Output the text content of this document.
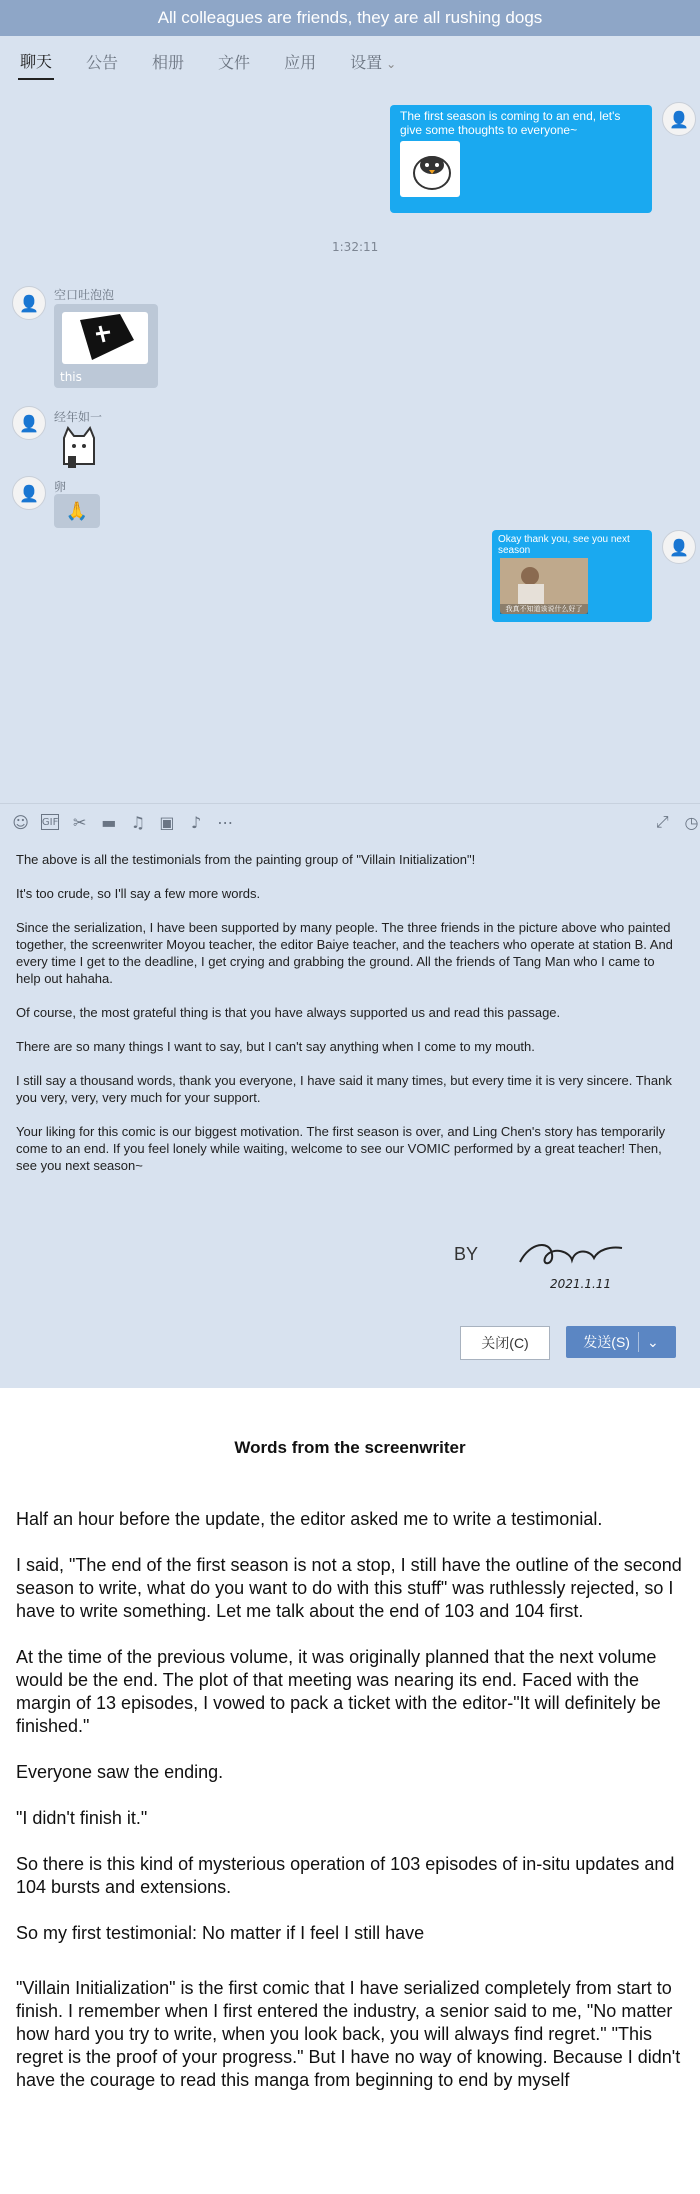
All colleagues are friends, they are all rushing dogs
聊天 公告 相册 文件 应用 设置 ⌄
The first season is coming to an end, let's give some thoughts to everyone~
👤
1:32:11
👤 空口吐泡泡
this
👤 经年如一
👤 卵
🙏
Okay thank you, see you next season
我真不知道该说什么好了
👤
☺ GIF ✂ ▬ ♫ ▣ ♪ ⋯	⤢ ◷

The above is all the testimonials from the painting group of "Villain Initialization"!

It's too crude, so I'll say a few more words.

Since the serialization, I have been supported by many people. The three friends in the picture above who painted together, the screenwriter Moyou teacher, the editor Baiye teacher, and the teachers who operate at station B. And every time I get to the deadline, I get crying and grabbing the ground. All the friends of Tang Man who I came to help out hahaha.

Of course, the most grateful thing is that you have always supported us and read this passage.

There are so many things I want to say, but I can't say anything when I come to my mouth.

I still say a thousand words, thank you everyone, I have said it many times, but every time it is very sincere. Thank you very, very, very much for your support.

Your liking for this comic is our biggest motivation. The first season is over, and Ling Chen's story has temporarily come to an end. If you feel lonely while waiting, welcome to see our VOMIC performed by a great teacher! Then, see you next season~

BY
2021.1.11
关闭(C)	发送(S) ⌄
Words from the screenwriter

Half an hour before the update, the editor asked me to write a testimonial.

I said, "The end of the first season is not a stop, I still have the outline of the second season to write, what do you want to do with this stuff" was ruthlessly rejected, so I have to write something. Let me talk about the end of 103 and 104 first.

At the time of the previous volume, it was originally planned that the next volume would be the end. The plot of that meeting was nearing its end. Faced with the margin of 13 episodes, I vowed to pack a ticket with the editor-"It will definitely be finished."

Everyone saw the ending.

"I didn't finish it."

So there is this kind of mysterious operation of 103 episodes of in-situ updates and 104 bursts and extensions.

So my first testimonial: No matter if I feel I still have

"Villain Initialization" is the first comic that I have serialized completely from start to finish. I remember when I first entered the industry, a senior said to me, "No matter how hard you try to write, when you look back, you will always find regret." "This regret is the proof of your progress." But I have no way of knowing. Because I didn't have the courage to read this manga from beginning to end by myself
